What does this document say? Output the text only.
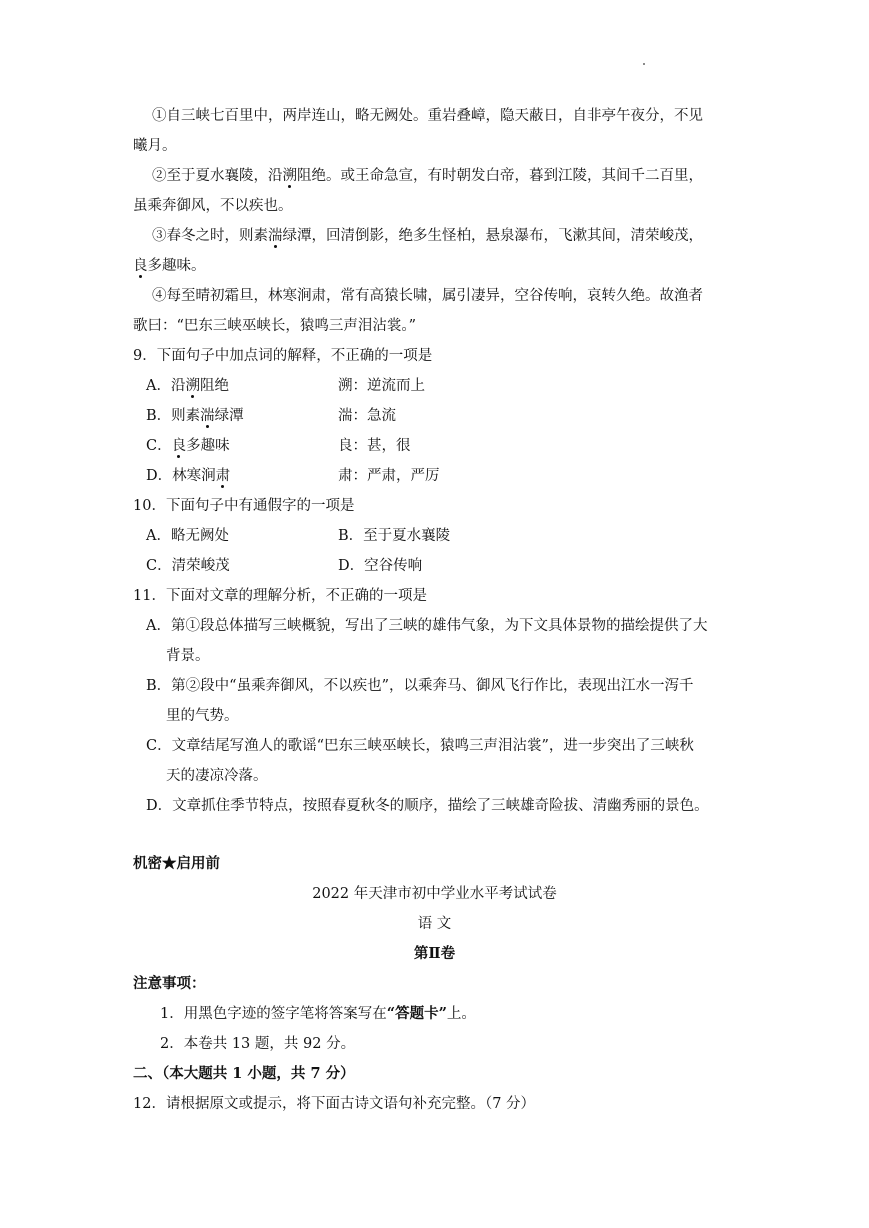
①自三峡七百里中，两岸连山，略无阙处。重岩叠嶂，隐天蔽日，自非亭午夜分，不见
曦月。
②至于夏水襄陵，沿溯阻绝。或王命急宣，有时朝发白帝，暮到江陵，其间千二百里，
虽乘奔御风，不以疾也。
③春冬之时，则素湍绿潭，回清倒影，绝多生怪柏，悬泉瀑布，飞漱其间，清荣峻茂，
良多趣味。
④每至晴初霜旦，林寒涧肃，常有高猿长啸，属引凄异，空谷传响，哀转久绝。故渔者
歌曰：“巴东三峡巫峡长，猿鸣三声泪沾裳。”
9．下面句子中加点词的解释，不正确的一项是
A．沿溯阻绝	溯：逆流而上
B．则素湍绿潭	湍：急流
C．良多趣味	良：甚，很
D．林寒涧肃	肃：严肃，严厉
10．下面句子中有通假字的一项是
A．略无阙处	B．至于夏水襄陵
C．清荣峻茂	D．空谷传响
11．下面对文章的理解分析，不正确的一项是
A．第①段总体描写三峡概貌，写出了三峡的雄伟气象，为下文具体景物的描绘提供了大
背景。
B．第②段中“虽乘奔御风，不以疾也”，以乘奔马、御风飞行作比，表现出江水一泻千
里的气势。
C．文章结尾写渔人的歌谣“巴东三峡巫峡长，猿鸣三声泪沾裳”，进一步突出了三峡秋
天的凄凉冷落。
D．文章抓住季节特点，按照春夏秋冬的顺序，描绘了三峡雄奇险拔、清幽秀丽的景色。
机密★启用前
2022 年天津市初中学业水平考试试卷
语 文
第Ⅱ卷
注意事项：
1．用黑色字迹的签字笔将答案写在“答题卡”上。
2．本卷共 13 题，共 92 分。
二、（本大题共 1 小题，共 7 分）
12．请根据原文或提示，将下面古诗文语句补充完整。（7 分）
